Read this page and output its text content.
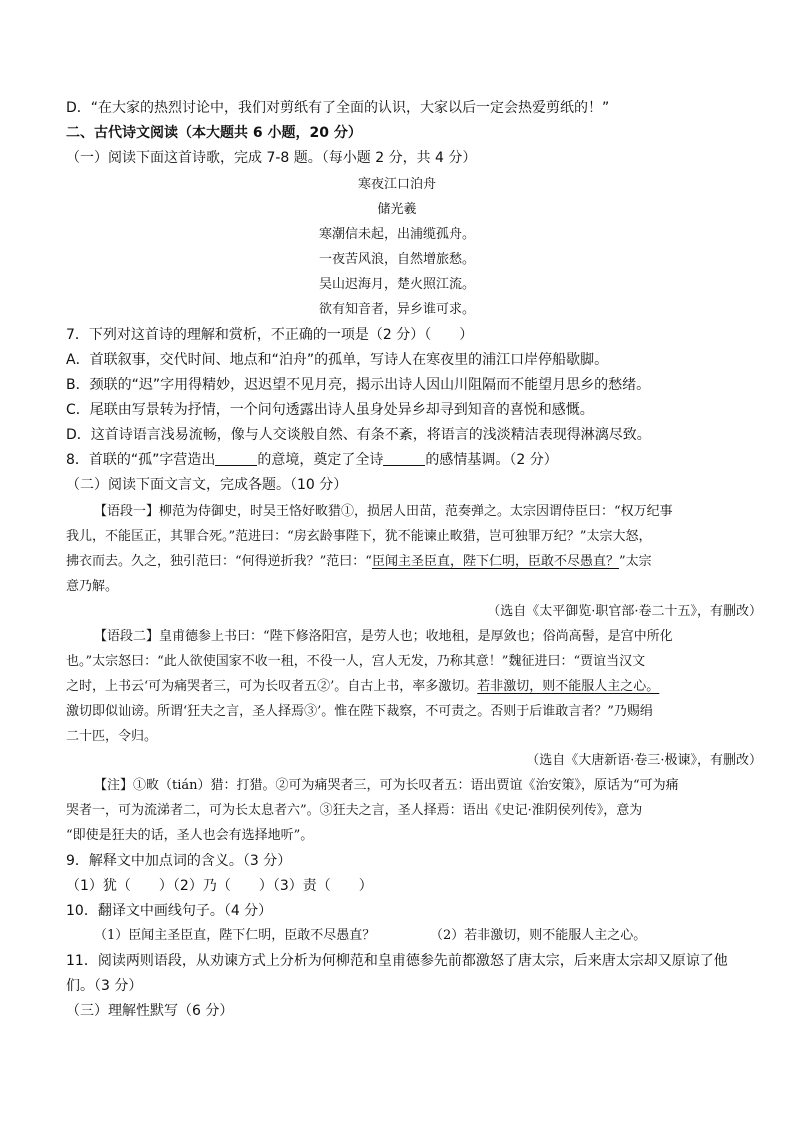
D．“在大家的热烈讨论中，我们对剪纸有了全面的认识，大家以后一定会热爱剪纸的！”
二、古代诗文阅读（本大题共 6 小题，20 分）
（一）阅读下面这首诗歌，完成 7-8 题。（每小题 2 分，共 4 分）
寒夜江口泊舟
储光羲
寒潮信未起，出浦缆孤舟。
一夜苦风浪，自然增旅愁。
吴山迟海月，楚火照江流。
欲有知音者，异乡谁可求。
7．下列对这首诗的理解和赏析，不正确的一项是（2 分）（　　）
A．首联叙事，交代时间、地点和“泊舟”的孤单，写诗人在寒夜里的浦江口岸停船歇脚。
B．颈联的“迟”字用得精妙，迟迟望不见月亮，揭示出诗人因山川阻隔而不能望月思乡的愁绪。
C．尾联由写景转为抒情，一个问句透露出诗人虽身处异乡却寻到知音的喜悦和感慨。
D．这首诗语言浅易流畅，像与人交谈般自然、有条不紊，将语言的浅淡精洁表现得淋漓尽致。
8．首联的“孤”字营造出	的意境，奠定了全诗	的感情基调。（2 分）
（二）阅读下面文言文，完成各题。（10 分）
【语段一】柳范为侍御史，时吴王恪好畋猎①，损居人田苗，范奏弹之。太宗因谓侍臣曰：“权万纪事
我儿，不能匡正，其罪合死。”范进曰：“房玄龄事陛下，犹不能谏止畋猎，岂可独罪万纪？”太宗大怒，
拂衣而去。久之，独引范曰：“何得逆折我？”范曰：“臣闻主圣臣直，陛下仁明，臣敢不尽愚直？”太宗
意乃解。
（选自《太平御览·职官部·卷二十五》，有删改）
【语段二】皇甫德参上书曰：“陛下修洛阳宫，是劳人也；收地租，是厚敛也；俗尚高髻，是宫中所化
也。”太宗怒曰：“此人欲使国家不收一租，不役一人，宫人无发，乃称其意！”魏征进曰：“贾谊当汉文
之时，上书云‘可为痛哭者三，可为长叹者五②’。自古上书，率多激切。若非激切，则不能服人主之心。
激切即似讪谤。所谓‘狂夫之言，圣人择焉③’。惟在陛下裁察，不可责之。否则于后谁敢言者？”乃赐绢
二十匹，令归。
（选自《大唐新语·卷三·极谏》，有删改）
【注】①畋（tián）猎：打猎。②可为痛哭者三，可为长叹者五：语出贾谊《治安策》，原话为“可为痛
哭者一，可为流涕者二，可为长太息者六”。③狂夫之言，圣人择焉：语出《史记·淮阴侯列传》，意为
“即使是狂夫的话，圣人也会有选择地听”。
9．解释文中加点词的含义。（3 分）
（1）犹（　　）（2）乃（　　）（3）责（　　）
10．翻译文中画线句子。（4 分）
（1）臣闻主圣臣直，陛下仁明，臣敢不尽愚直？	（2）若非激切，则不能服人主之心。
11．阅读两则语段，从劝谏方式上分析为何柳范和皇甫德参先前都激怒了唐太宗，后来唐太宗却又原谅了他
们。（3 分）
（三）理解性默写（6 分）
